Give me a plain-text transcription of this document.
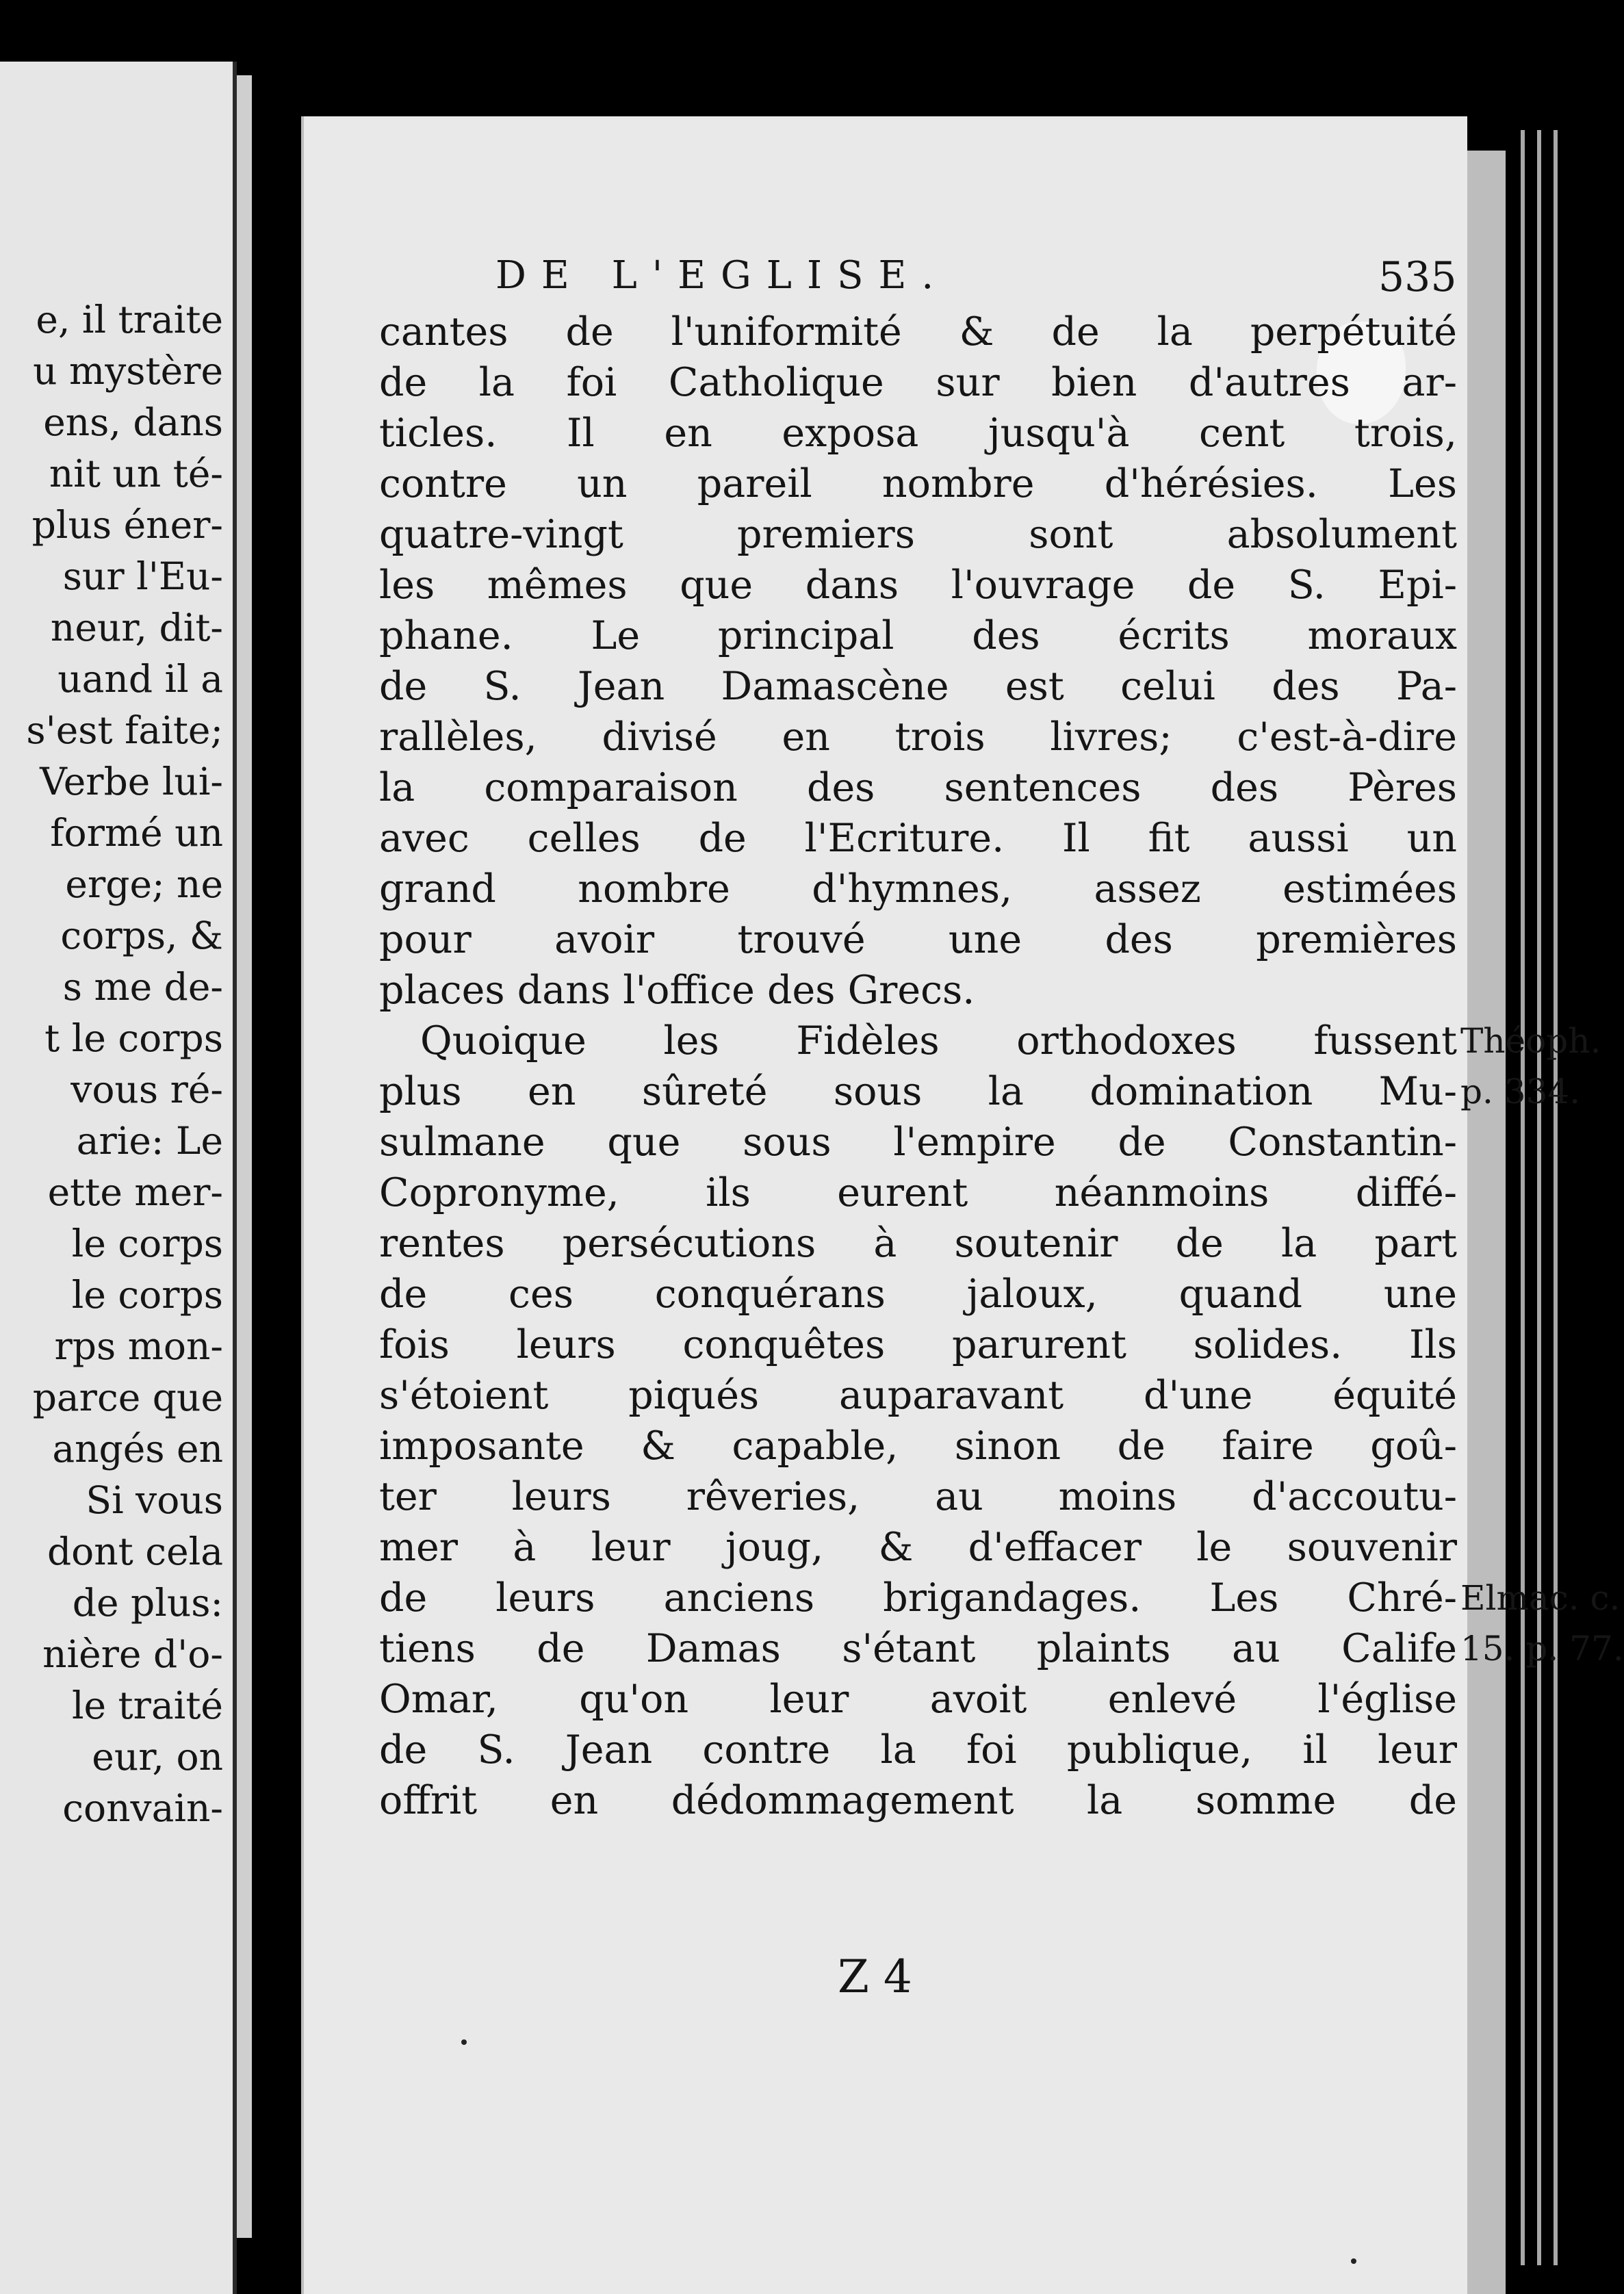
e, il traite
u mystère
ens, dans
nit un té-
plus éner-
sur l'Eu-
neur, dit-
uand il a
s'est faite;
Verbe lui-
formé un
erge; ne
corps, &
s me de-
t le corps
vous ré-
arie: Le
ette mer-
le corps
le corps
rps mon-
parce que
angés en
Si vous
dont cela
de plus:
nière d'o-
le traité
eur, on
convain-
DE L'EGLISE.	535
cantes de l'uniformité & de la perpétuité
de la foi Catholique sur bien d'autres ar-
ticles. Il en exposa jusqu'à cent trois,
contre un pareil nombre d'hérésies. Les
quatre-vingt premiers sont absolument
les mêmes que dans l'ouvrage de S. Epi-
phane. Le principal des écrits moraux
de S. Jean Damascène est celui des Pa-
rallèles, divisé en trois livres; c'est-à-dire
la comparaison des sentences des Pères
avec celles de l'Ecriture. Il fit aussi un
grand nombre d'hymnes, assez estimées
pour avoir trouvé une des premières
places dans l'office des Grecs.
Quoique les Fidèles orthodoxes fussent
plus en sûreté sous la domination Mu-
sulmane que sous l'empire de Constantin-
Copronyme, ils eurent néanmoins diffé-
rentes persécutions à soutenir de la part
de ces conquérans jaloux, quand une
fois leurs conquêtes parurent solides. Ils
s'étoient piqués auparavant d'une équité
imposante & capable, sinon de faire goû-
ter leurs rêveries, au moins d'accoutu-
mer à leur joug, & d'effacer le souvenir
de leurs anciens brigandages. Les Chré-
tiens de Damas s'étant plaints au Calife
Omar, qu'on leur avoit enlevé l'église
de S. Jean contre la foi publique, il leur
offrit en dédommagement la somme de
Théoph.
p. 334.
Elmac. c.
15. p. 77.
Z 4
